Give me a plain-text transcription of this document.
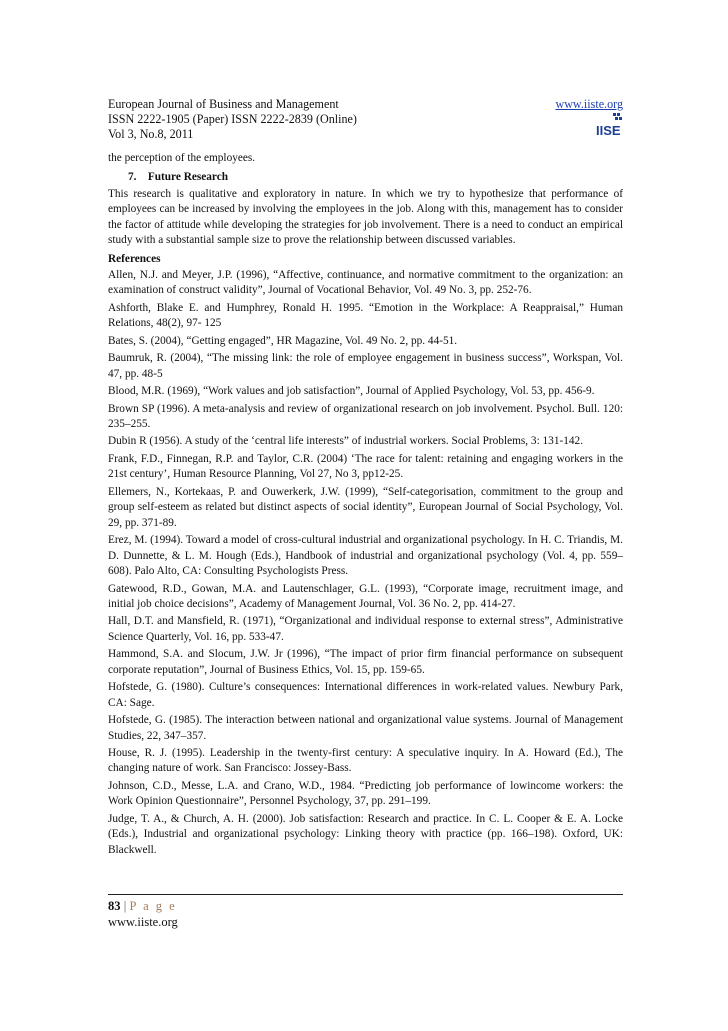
European Journal of Business and Management
ISSN 2222-1905 (Paper) ISSN 2222-2839 (Online)
Vol 3, No.8, 2011
www.iiste.org
IISE

the perception of the employees.

7. Future Research

This research is qualitative and exploratory in nature. In which we try to hypothesize that performance of employees can be increased by involving the employees in the job. Along with this, management has to consider the factor of attitude while developing the strategies for job involvement. There is a need to conduct an empirical study with a substantial sample size to prove the relationship between discussed variables.

References

Allen, N.J. and Meyer, J.P. (1996), “Affective, continuance, and normative commitment to the organization: an examination of construct validity”, Journal of Vocational Behavior, Vol. 49 No. 3, pp. 252-76.

Ashforth, Blake E. and Humphrey, Ronald H. 1995. “Emotion in the Workplace: A Reappraisal,” Human Relations, 48(2), 97- 125

Bates, S. (2004), “Getting engaged”, HR Magazine, Vol. 49 No. 2, pp. 44-51.

Baumruk, R. (2004), “The missing link: the role of employee engagement in business success”, Workspan, Vol. 47, pp. 48-5

Blood, M.R. (1969), “Work values and job satisfaction”, Journal of Applied Psychology, Vol. 53, pp. 456-9.

Brown SP (1996). A meta-analysis and review of organizational research on job involvement. Psychol. Bull. 120: 235–255.

Dubin R (1956). A study of the ‘central life interests” of industrial workers. Social Problems, 3: 131-142.

Frank, F.D., Finnegan, R.P. and Taylor, C.R. (2004) ‘The race for talent: retaining and engaging workers in the 21st century’, Human Resource Planning, Vol 27, No 3, pp12-25.

Ellemers, N., Kortekaas, P. and Ouwerkerk, J.W. (1999), “Self-categorisation, commitment to the group and group self-esteem as related but distinct aspects of social identity”, European Journal of Social Psychology, Vol. 29, pp. 371-89.

Erez, M. (1994). Toward a model of cross-cultural industrial and organizational psychology. In H. C. Triandis, M. D. Dunnette, & L. M. Hough (Eds.), Handbook of industrial and organizational psychology (Vol. 4, pp. 559–608). Palo Alto, CA: Consulting Psychologists Press.

Gatewood, R.D., Gowan, M.A. and Lautenschlager, G.L. (1993), “Corporate image, recruitment image, and initial job choice decisions”, Academy of Management Journal, Vol. 36 No. 2, pp. 414-27.

Hall, D.T. and Mansfield, R. (1971), “Organizational and individual response to external stress”, Administrative Science Quarterly, Vol. 16, pp. 533-47.

Hammond, S.A. and Slocum, J.W. Jr (1996), “The impact of prior firm financial performance on subsequent corporate reputation”, Journal of Business Ethics, Vol. 15, pp. 159-65.

Hofstede, G. (1980). Culture’s consequences: International differences in work-related values. Newbury Park, CA: Sage.

Hofstede, G. (1985). The interaction between national and organizational value systems. Journal of Management Studies, 22, 347–357.

House, R. J. (1995). Leadership in the twenty-first century: A speculative inquiry. In A. Howard (Ed.), The changing nature of work. San Francisco: Jossey-Bass.

Johnson, C.D., Messe, L.A. and Crano, W.D., 1984. “Predicting job performance of lowincome workers: the Work Opinion Questionnaire”, Personnel Psychology, 37, pp. 291–199.

Judge, T. A., & Church, A. H. (2000). Job satisfaction: Research and practice. In C. L. Cooper & E. A. Locke (Eds.), Industrial and organizational psychology: Linking theory with practice (pp. 166–198). Oxford, UK: Blackwell.

83 | P a g e
www.iiste.org
